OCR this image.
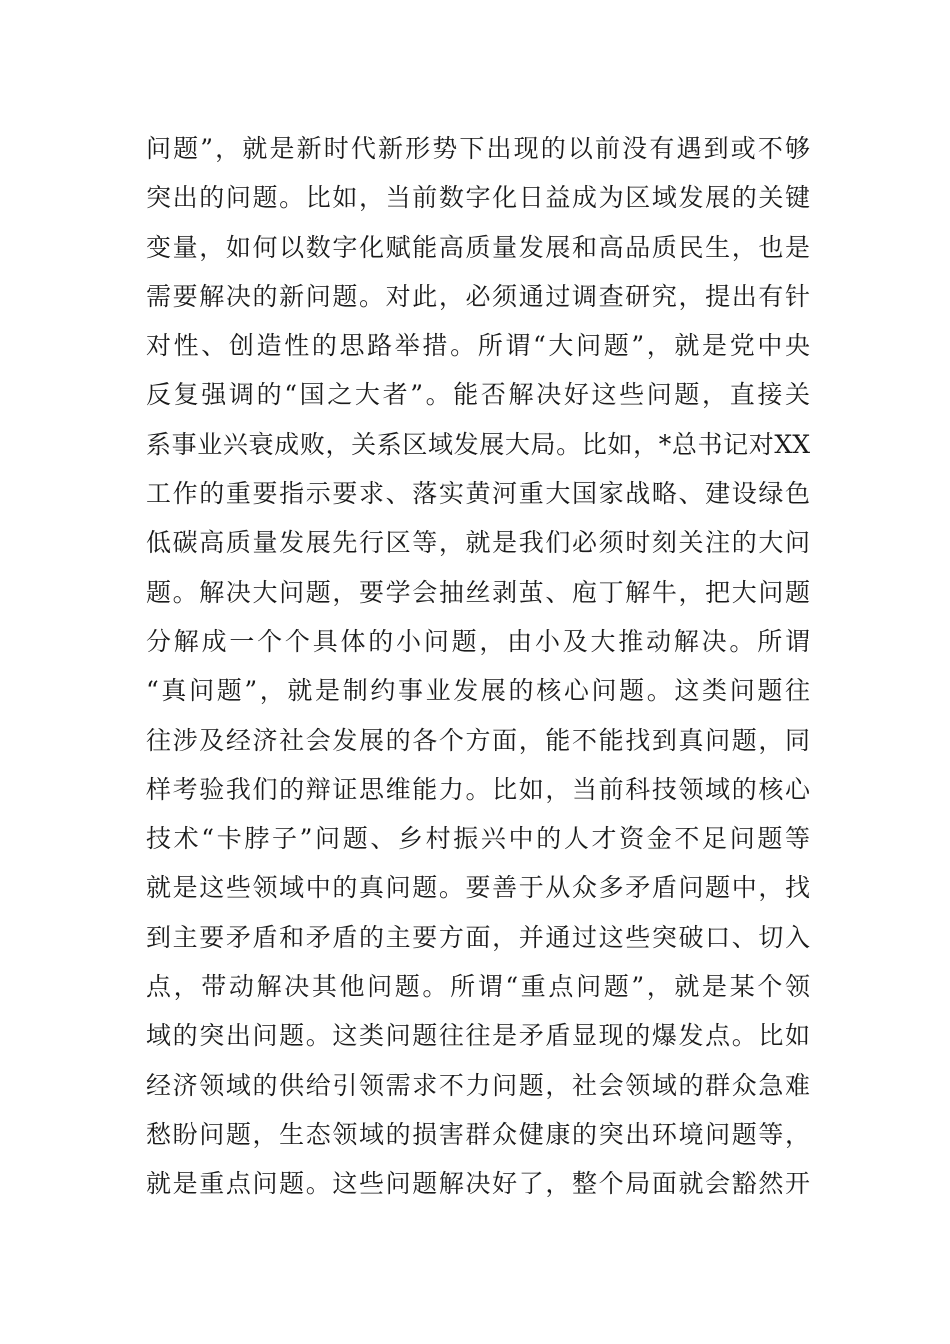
问题”，就是新时代新形势下出现的以前没有遇到或不够
突出的问题。比如，当前数字化日益成为区域发展的关键
变量，如何以数字化赋能高质量发展和高品质民生，也是
需要解决的新问题。对此，必须通过调查研究，提出有针
对性、创造性的思路举措。所谓“大问题”，就是党中央
反复强调的“国之大者”。能否解决好这些问题，直接关
系事业兴衰成败，关系区域发展大局。比如，*总书记对XX
工作的重要指示要求、落实黄河重大国家战略、建设绿色
低碳高质量发展先行区等，就是我们必须时刻关注的大问
题。解决大问题，要学会抽丝剥茧、庖丁解牛，把大问题
分解成一个个具体的小问题，由小及大推动解决。所谓
“真问题”，就是制约事业发展的核心问题。这类问题往
往涉及经济社会发展的各个方面，能不能找到真问题，同
样考验我们的辩证思维能力。比如，当前科技领域的核心
技术“卡脖子”问题、乡村振兴中的人才资金不足问题等
就是这些领域中的真问题。要善于从众多矛盾问题中，找
到主要矛盾和矛盾的主要方面，并通过这些突破口、切入
点，带动解决其他问题。所谓“重点问题”，就是某个领
域的突出问题。这类问题往往是矛盾显现的爆发点。比如
经济领域的供给引领需求不力问题，社会领域的群众急难
愁盼问题，生态领域的损害群众健康的突出环境问题等，
就是重点问题。这些问题解决好了，整个局面就会豁然开
